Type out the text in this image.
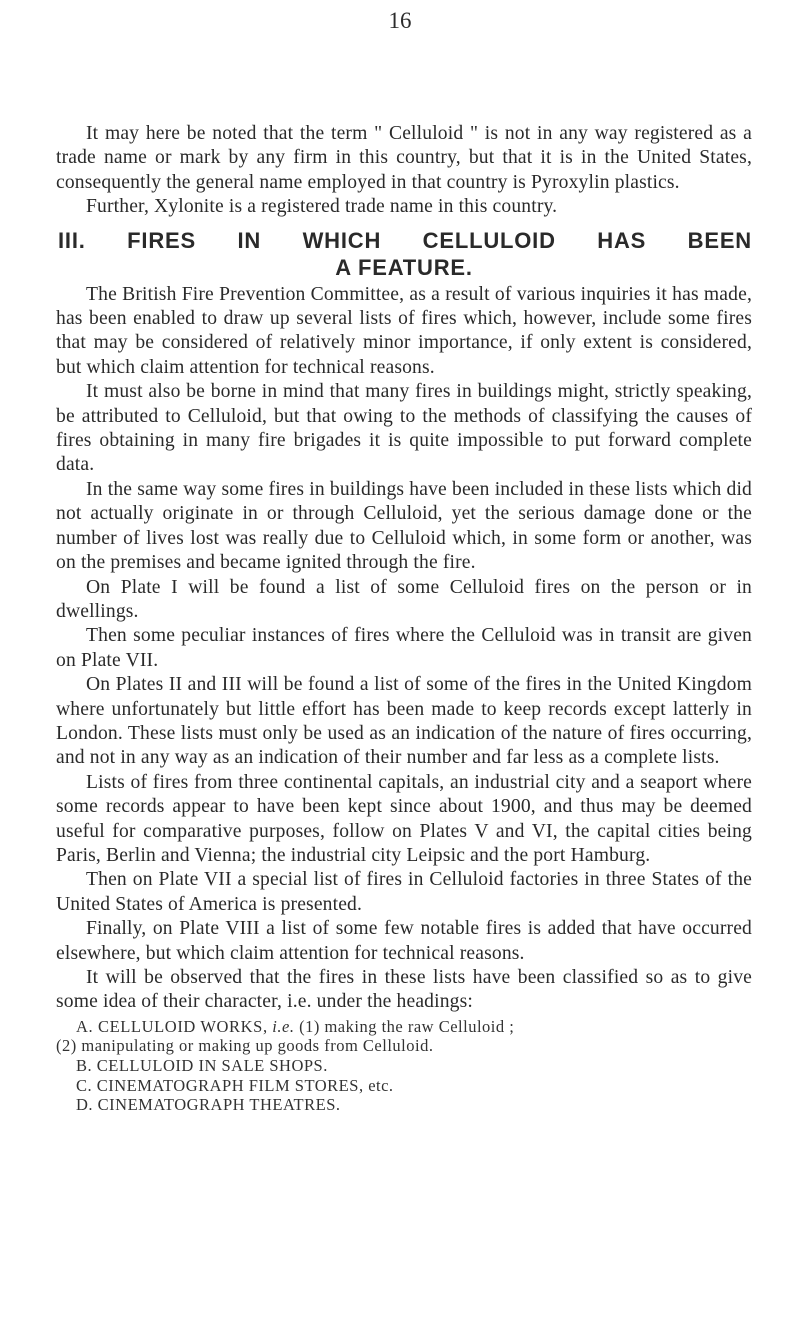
16

It may here be noted that the term " Celluloid " is not in any way registered as a trade name or mark by any firm in this country, but that it is in the United States, consequently the general name employed in that country is Pyroxylin plastics.

Further, Xylonite is a registered trade name in this country.

III. FIRES IN WHICH CELLULOID HAS BEEN
A FEATURE.

The British Fire Prevention Committee, as a result of various inquiries it has made, has been enabled to draw up several lists of fires which, however, include some fires that may be considered of relatively minor importance, if only extent is considered, but which claim attention for technical reasons.

It must also be borne in mind that many fires in buildings might, strictly speaking, be attributed to Celluloid, but that owing to the methods of classifying the causes of fires obtaining in many fire brigades it is quite impossible to put forward complete data.

In the same way some fires in buildings have been included in these lists which did not actually originate in or through Celluloid, yet the serious damage done or the number of lives lost was really due to Celluloid which, in some form or another, was on the premises and became ignited through the fire.

On Plate I will be found a list of some Celluloid fires on the person or in dwellings.

Then some peculiar instances of fires where the Celluloid was in transit are given on Plate VII.

On Plates II and III will be found a list of some of the fires in the United Kingdom where unfortunately but little effort has been made to keep records except latterly in London. These lists must only be used as an indication of the nature of fires occurring, and not in any way as an indication of their number and far less as a complete lists.

Lists of fires from three continental capitals, an industrial city and a seaport where some records appear to have been kept since about 1900, and thus may be deemed useful for comparative purposes, follow on Plates V and VI, the capital cities being Paris, Berlin and Vienna; the industrial city Leipsic and the port Hamburg.

Then on Plate VII a special list of fires in Celluloid factories in three States of the United States of America is presented.

Finally, on Plate VIII a list of some few notable fires is added that have occurred elsewhere, but which claim attention for technical reasons.

It will be observed that the fires in these lists have been classified so as to give some idea of their character, i.e. under the headings:

A. CELLULOID WORKS, i.e. (1) making the raw Celluloid ;
(2) manipulating or making up goods from Celluloid.
B. CELLULOID IN SALE SHOPS.
C. CINEMATOGRAPH FILM STORES, etc.
D. CINEMATOGRAPH THEATRES.
